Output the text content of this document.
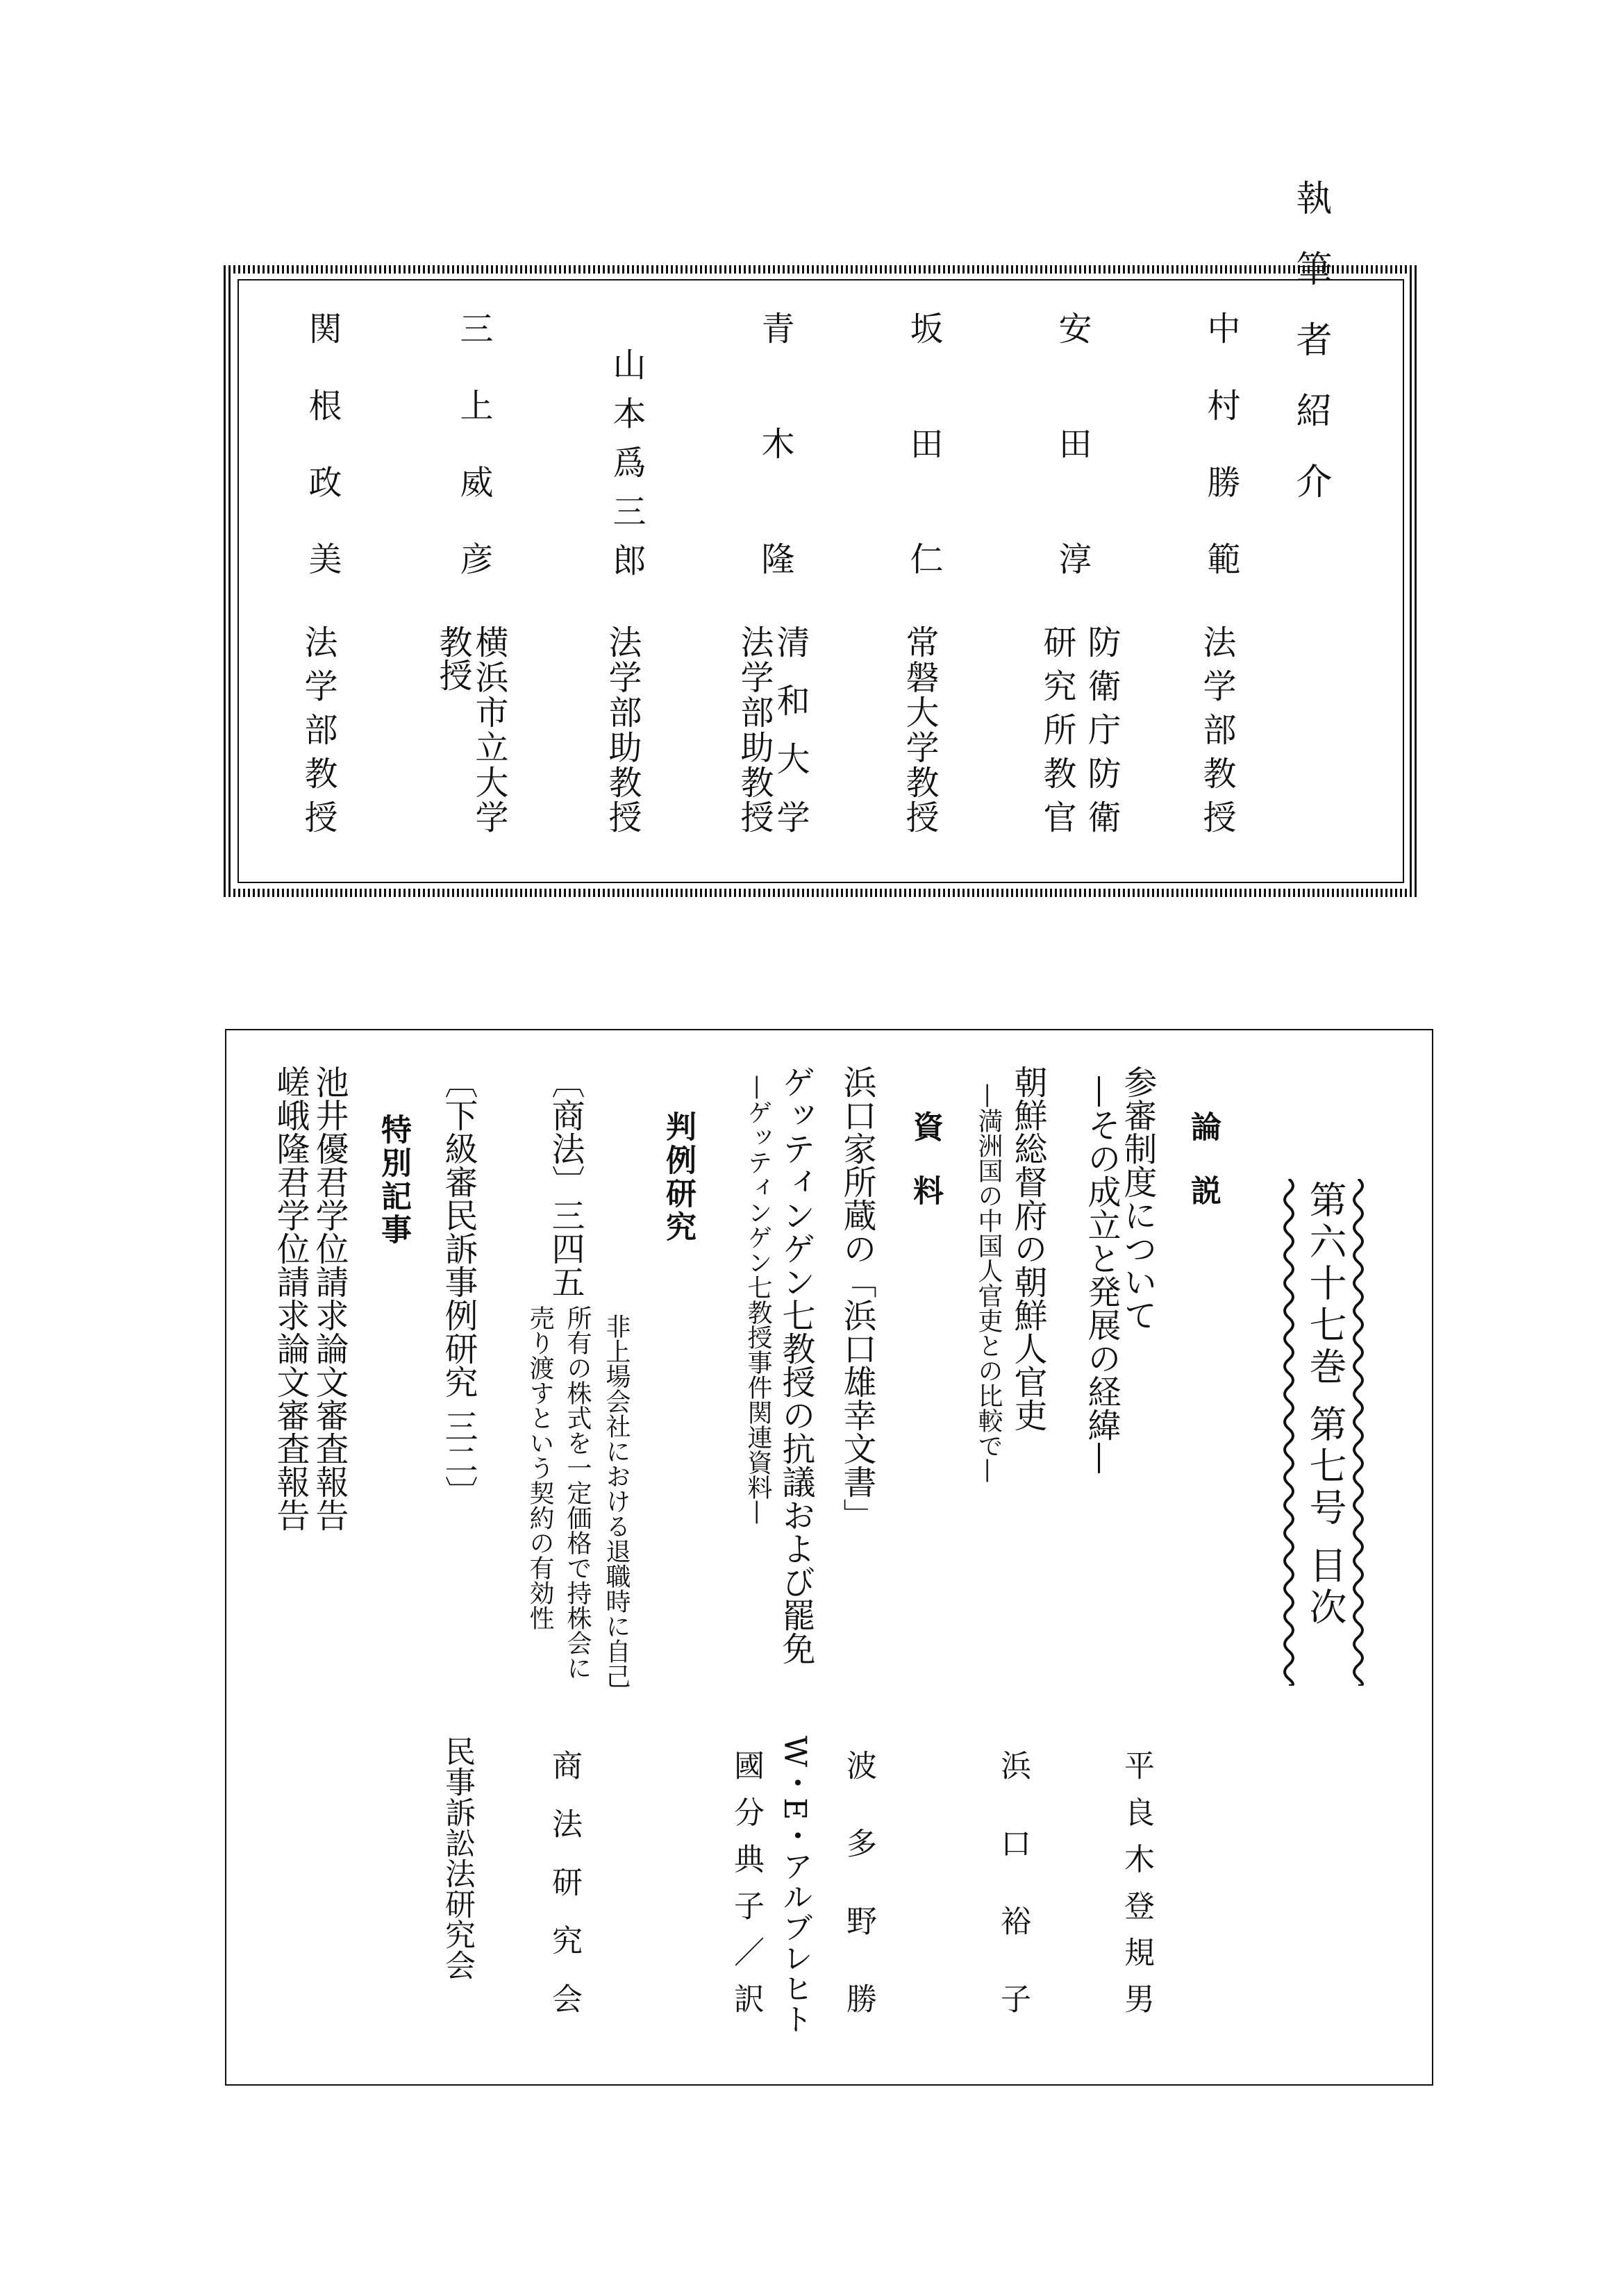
執筆者紹介
中村勝範
法学部教授
安田淳
防衛庁防衛
研究所教官
坂田仁
常磐大学教授
青木隆
清和大学
法学部助教授
山本爲三郎
法学部助教授
三上威彦
横浜市立大学
教授
関根政美
法学部教授
第六十七巻 第七号 目次
論説
参審制度について
—その成立と発展の経緯—
平良木登規男
朝鮮総督府の朝鮮人官吏
—満洲国の中国人官吏との比較で—
浜口裕子
資料
浜口家所蔵の「浜口雄幸文書」
波多野勝
ゲッティンゲン七教授の抗議および罷免
—ゲッティンゲン七教授事件関連資料—
W・E・アルブレヒト
國分典子／訳
判例研究
〔商法〕三四五
非上場会社における退職時に自己
所有の株式を一定価格で持株会に
売り渡すという契約の有効性
商法研究会
〔下級審民訴事例研究 三二〕
民事訴訟法研究会
特別記事
池井優君学位請求論文審査報告
嵯峨隆君学位請求論文審査報告
